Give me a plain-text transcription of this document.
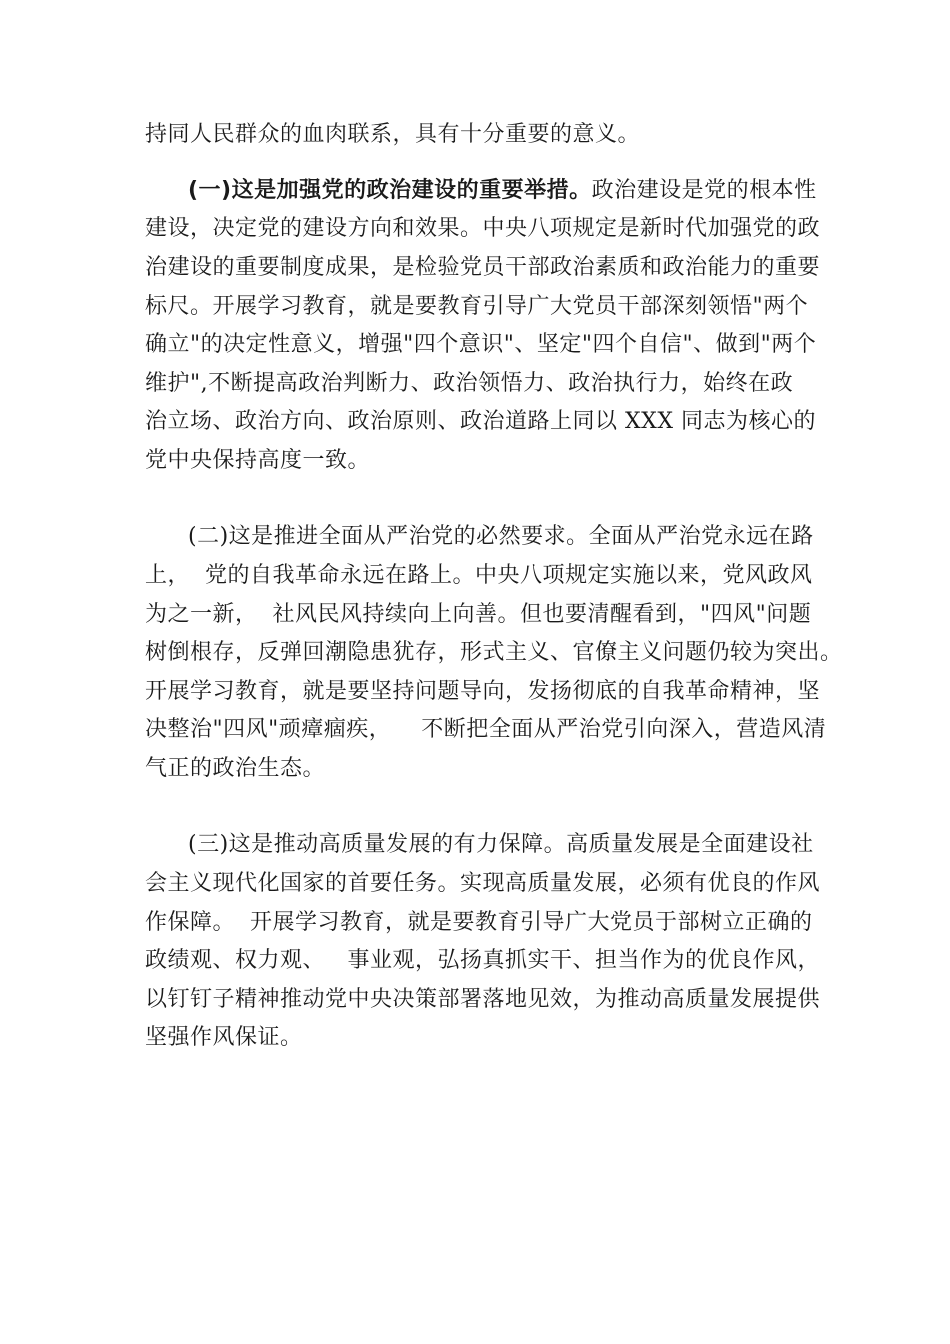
持同人民群众的血肉联系，具有十分重要的意义。
(一)这是加强党的政治建设的重要举措。政治建设是党的根本性
建设，决定党的建设方向和效果。中央八项规定是新时代加强党的政
治建设的重要制度成果，是检验党员干部政治素质和政治能力的重要
标尺。开展学习教育，就是要教育引导广大党员干部深刻领悟"两个
确立"的决定性意义，增强"四个意识"、坚定"四个自信"、做到"两个
维护",不断提高政治判断力、政治领悟力、政治执行力，始终在政
治立场、政治方向、政治原则、政治道路上同以 XXX 同志为核心的
党中央保持高度一致。
(二)这是推进全面从严治党的必然要求。全面从严治党永远在路
上，  党的自我革命永远在路上。中央八项规定实施以来，党风政风
为之一新，  社风民风持续向上向善。但也要清醒看到，"四风"问题
树倒根存，反弹回潮隐患犹存，形式主义、官僚主义问题仍较为突出。
开展学习教育，就是要坚持问题导向，发扬彻底的自我革命精神，坚
决整治"四风"顽瘴痼疾，    不断把全面从严治党引向深入，营造风清
气正的政治生态。
(三)这是推动高质量发展的有力保障。高质量发展是全面建设社
会主义现代化国家的首要任务。实现高质量发展，必须有优良的作风
作保障。  开展学习教育，就是要教育引导广大党员于部树立正确的
政绩观、权力观、   事业观，弘扬真抓实干、担当作为的优良作风，
以钉钉子精神推动党中央决策部署落地见效，为推动高质量发展提供
坚强作风保证。
